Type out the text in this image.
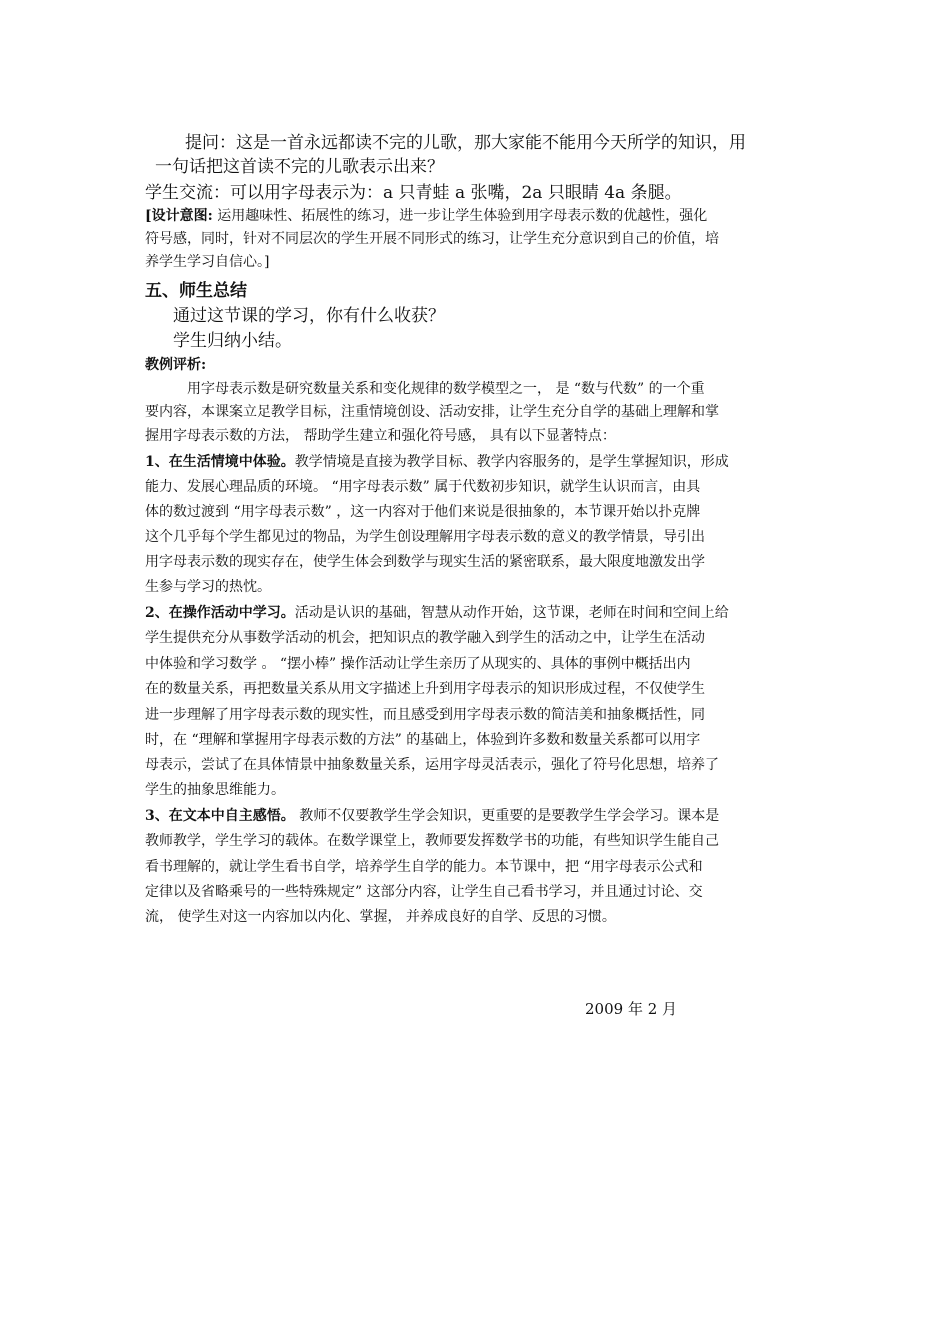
提问：这是一首永远都读不完的儿歌，那大家能不能用今天所学的知识，用
一句话把这首读不完的儿歌表示出来？
学生交流：可以用字母表示为：a 只青蛙 a 张嘴，2a 只眼睛 4a 条腿。
[设计意图: 运用趣味性、拓展性的练习，进一步让学生体验到用字母表示数的优越性，强化
符号感，同时，针对不同层次的学生开展不同形式的练习，让学生充分意识到自己的价值，培
养学生学习自信心。]
五、师生总结
通过这节课的学习，你有什么收获？
学生归纳小结。
教例评析:
用字母表示数是研究数量关系和变化规律的数学模型之一， 是 “数与代数” 的一个重
要内容，本课案立足教学目标，注重情境创设、活动安排，让学生充分自学的基础上理解和掌
握用字母表示数的方法， 帮助学生建立和强化符号感， 具有以下显著特点：
1、在生活情境中体验。教学情境是直接为教学目标、教学内容服务的，是学生掌握知识，形成
能力、发展心理品质的环境。 “用字母表示数” 属于代数初步知识，就学生认识而言，由具
体的数过渡到 “用字母表示数” ，这一内容对于他们来说是很抽象的，本节课开始以扑克牌
这个几乎每个学生都见过的物品，为学生创设理解用字母表示数的意义的教学情景，导引出
用字母表示数的现实存在，使学生体会到数学与现实生活的紧密联系，最大限度地激发出学
生参与学习的热忱。
2、在操作活动中学习。活动是认识的基础，智慧从动作开始，这节课，老师在时间和空间上给
学生提供充分从事数学活动的机会，把知识点的教学融入到学生的活动之中，让学生在活动
中体验和学习数学 。 “摆小棒” 操作活动让学生亲历了从现实的、具体的事例中概括出内
在的数量关系，再把数量关系从用文字描述上升到用字母表示的知识形成过程，不仅使学生
进一步理解了用字母表示数的现实性，而且感受到用字母表示数的简洁美和抽象概括性，同
时，在 “理解和掌握用字母表示数的方法” 的基础上，体验到许多数和数量关系都可以用字
母表示，尝试了在具体情景中抽象数量关系，运用字母灵活表示，强化了符号化思想，培养了
学生的抽象思维能力。
3、在文本中自主感悟。 教师不仅要教学生学会知识，更重要的是要教学生学会学习。课本是
教师教学，学生学习的载体。在数学课堂上，教师要发挥数学书的功能，有些知识学生能自己
看书理解的，就让学生看书自学，培养学生自学的能力。本节课中，把 “用字母表示公式和
定律以及省略乘号的一些特殊规定” 这部分内容，让学生自己看书学习，并且通过讨论、交
流， 使学生对这一内容加以内化、掌握， 并养成良好的自学、反思的习惯。
2009 年 2 月
